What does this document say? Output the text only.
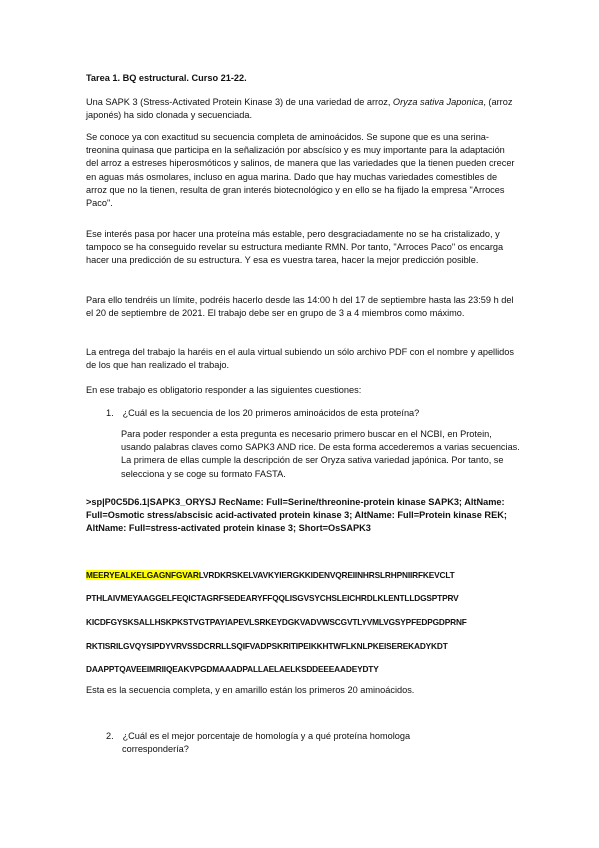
Tarea 1. BQ estructural. Curso 21-22.

Una SAPK 3 (Stress-Activated Protein Kinase 3) de una variedad de arroz, Oryza sativa Japonica, (arroz japonés) ha sido clonada y secuenciada.

Se conoce ya con exactitud su secuencia completa de aminoácidos. Se supone que es una serina-treonina quinasa que participa en la señalización por abscísico y es muy importante para la adaptación del arroz a estreses hiperosmóticos y salinos, de manera que las variedades que la tienen pueden crecer en aguas más osmolares, incluso en agua marina. Dado que hay muchas variedades comestibles de arroz que no la tienen, resulta de gran interés biotecnológico y en ello se ha fijado la empresa "Arroces Paco".

Ese interés pasa por hacer una proteína más estable, pero desgraciadamente no se ha cristalizado, y tampoco se ha conseguido revelar su estructura mediante RMN. Por tanto, "Arroces Paco" os encarga hacer una predicción de su estructura. Y esa es vuestra tarea, hacer la mejor predicción posible.

Para ello tendréis un límite, podréis hacerlo desde las 14:00 h del 17 de septiembre hasta las 23:59 h del el 20 de septiembre de 2021. El trabajo debe ser en grupo de 3 a 4 miembros como máximo.

La entrega del trabajo la haréis en el aula virtual subiendo un sólo archivo PDF con el nombre y apellidos de los que han realizado el trabajo.

En ese trabajo es obligatorio responder a las siguientes cuestiones:

1. ¿Cuál es la secuencia de los 20 primeros aminoácidos de esta proteína?

Para poder responder a esta pregunta es necesario primero buscar en el NCBI, en Protein, usando palabras claves como SAPK3 AND rice. De esta forma accederemos a varias secuencias. La primera de ellas cumple la descripción de ser Oryza sativa variedad japónica. Por tanto, se selecciona y se coge su formato FASTA.

>sp|P0C5D6.1|SAPK3_ORYSJ RecName: Full=Serine/threonine-protein kinase SAPK3; AltName: Full=Osmotic stress/abscisic acid-activated protein kinase 3; AltName: Full=Protein kinase REK; AltName: Full=stress-activated protein kinase 3; Short=OsSAPK3

MEERYEALKELGAGNFGVARLVRDKRSKELVAVKYIERGKKIDENVQREIINHRSLRHPNIIRFKEVCLT

PTHLAIVMEYAAGGELFEQICTAGRFSEDEARYFFQQLISGVSYCHSLEICHRDLKLENTLLDGSPTPRV

KICDFGYSKSALLHSKPKSTVGTPAYIAPEVLSRKEYDGKVADVWSCGVTLYVMLVGSYPFEDPGDPRNF

RKTISRILGVQYSIPDYVRVSSDCRRLLSQIFVADPSKRITIPEIKKHTWFLKNLPKEISEREKADYKDT

DAAPPTQAVEEIMRIIQEAKVPGDMAAADPALLAELAELKSDDEEEAADEYDTY

Esta es la secuencia completa, y en amarillo están los primeros 20 aminoácidos.

2. ¿Cuál es el mejor porcentaje de homología y a qué proteína homologa
correspondería?
